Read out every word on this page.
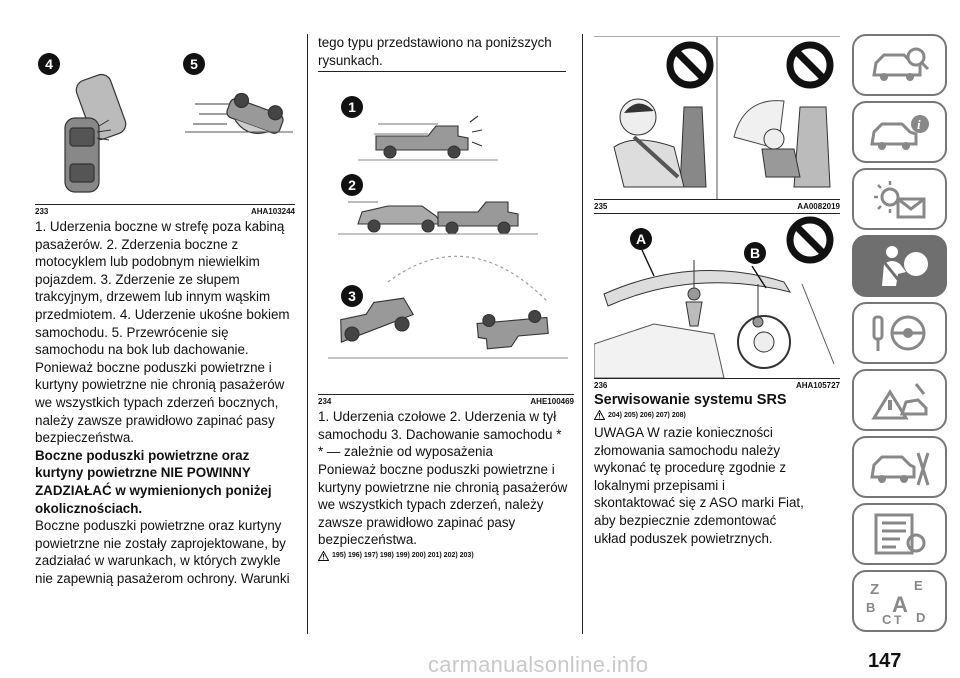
4	5
233	AHA103244

1. Uderzenia boczne w strefę poza kabiną pasażerów. 2. Zderzenia boczne z motocyklem lub podobnym niewielkim pojazdem. 3. Zderzenie ze słupem trakcyjnym, drzewem lub innym wąskim przedmiotem. 4. Uderzenie ukośne bokiem samochodu. 5. Przewrócenie się samochodu na bok lub dachowanie.

Ponieważ boczne poduszki powietrzne i kurtyny powietrzne nie chronią pasażerów we wszystkich typach zderzeń bocznych, należy zawsze prawidłowo zapinać pasy bezpieczeństwa.

Boczne poduszki powietrzne oraz kurtyny powietrzne NIE POWINNY ZADZIAŁAĆ w wymienionych poniżej okolicznościach.

Boczne poduszki powietrzne oraz kurtyny powietrzne nie zostały zaprojektowane, by zadziałać w warunkach, w których zwykle nie zapewnią pasażerom ochrony. Warunki

tego typu przedstawiono na poniższych rysunkach.

1
2
3
234	AHE100469

1. Uderzenia czołowe 2. Uderzenia w tył samochodu 3. Dachowanie samochodu *

* — zależnie od wyposażenia

Ponieważ boczne poduszki powietrzne i kurtyny powietrzne nie chronią pasażerów we wszystkich typach zderzeń, należy zawsze prawidłowo zapinać pasy bezpieczeństwa.

195) 196) 197) 198) 199) 200) 201) 202) 203)
235	AA0082019
A
B
236	AHA105727

Serwisowanie systemu SRS

204) 205) 206) 207) 208)

UWAGA W razie konieczności złomowania samochodu należy wykonać tę procedurę zgodnie z lokalnymi przepisami i skontaktować się z ASO marki Fiat, aby bezpiecznie zdemontować układ poduszek powietrznych.

i
Z	E
B A
C T D
147
carmanualsonline.info
